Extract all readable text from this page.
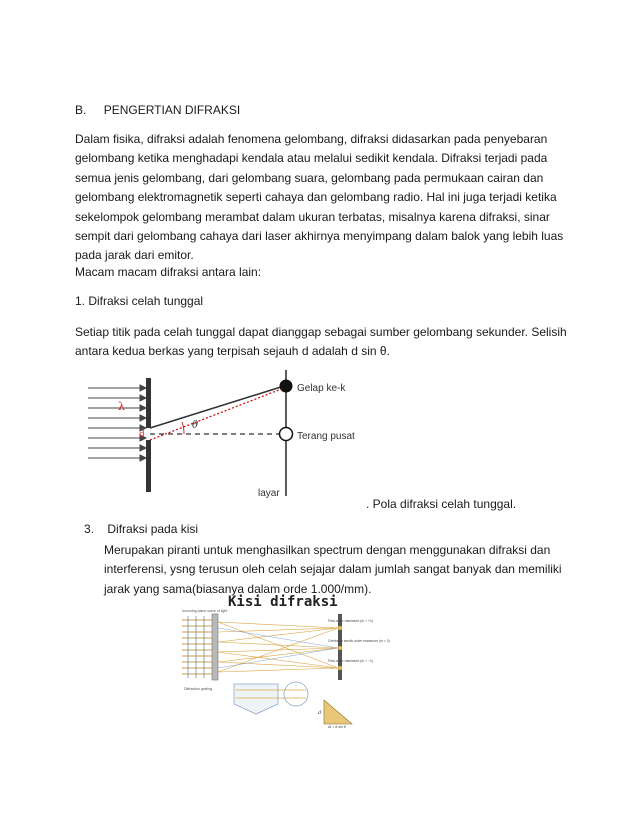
B. PENGERTIAN DIFRAKSI
Dalam fisika, difraksi adalah fenomena gelombang, difraksi didasarkan pada penyebaran
gelombang ketika menghadapi kendala atau melalui sedikit kendala. Difraksi terjadi pada
semua jenis gelombang, dari gelombang suara, gelombang pada permukaan cairan dan
gelombang elektromagnetik seperti cahaya dan gelombang radio. Hal ini juga terjadi ketika
sekelompok gelombang merambat dalam ukuran terbatas, misalnya karena difraksi, sinar
sempit dari gelombang cahaya dari laser akhirnya menyimpang dalam balok yang lebih luas
pada jarak dari emitor.
Macam macam difraksi antara lain:
1. Difraksi celah tunggal
Setiap titik pada celah tunggal dapat dianggap sebagai sumber gelombang sekunder. Selisih
antara kedua berkas yang terpisah sejauh d adalah d sin θ.
λ
d
θ
Gelap ke-k
Terang pusat
layar
. Pola difraksi celah tunggal.
3. Difraksi pada kisi
Merupakan piranti untuk menghasilkan spectrum dengan menggunakan difraksi dan
interferensi, ysng terusun oleh celah sejajar dalam jumlah sangat banyak dan memiliki
jarak yang sama(biasanya dalam orde 1.000/mm).
Kisi difraksi
Incoming plane wave of light
Diffraction grating
First-order maximum (m = +1)
Central or zeroth-order maximum (m = 0)
First-order maximum (m = −1)
d
Δl = d sin θ
